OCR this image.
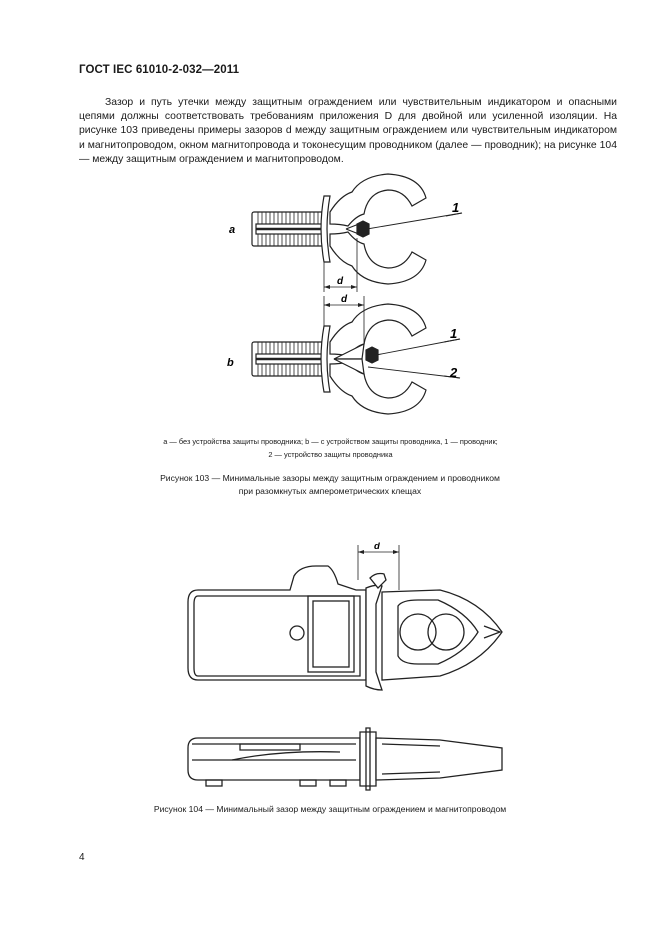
ГОСТ IEC 61010-2-032—2011

Зазор и путь утечки между защитным ограждением или чувствительным индикатором и опасными цепями должны соответствовать требованиям приложения D для двойной или усиленной изоляции. На рисунке 103 приведены примеры зазоров d между защитным ограждением или чувствительным индикатором и магнитопроводом, окном магнитопровода и токонесущим проводником (далее — проводник); на рисунке 104 — между защитным ограждением и магнитопроводом.

a
b
d
d
1
1
2
d
a — без устройства защиты проводника; b — с устройством защиты проводника, 1 — проводник;
2 — устройство защиты проводника
Рисунок 103 — Минимальные зазоры между защитным ограждением и проводником
при разомкнутых амперометрических клещах
Рисунок 104 — Минимальный зазор между защитным ограждением и магнитопроводом
4
